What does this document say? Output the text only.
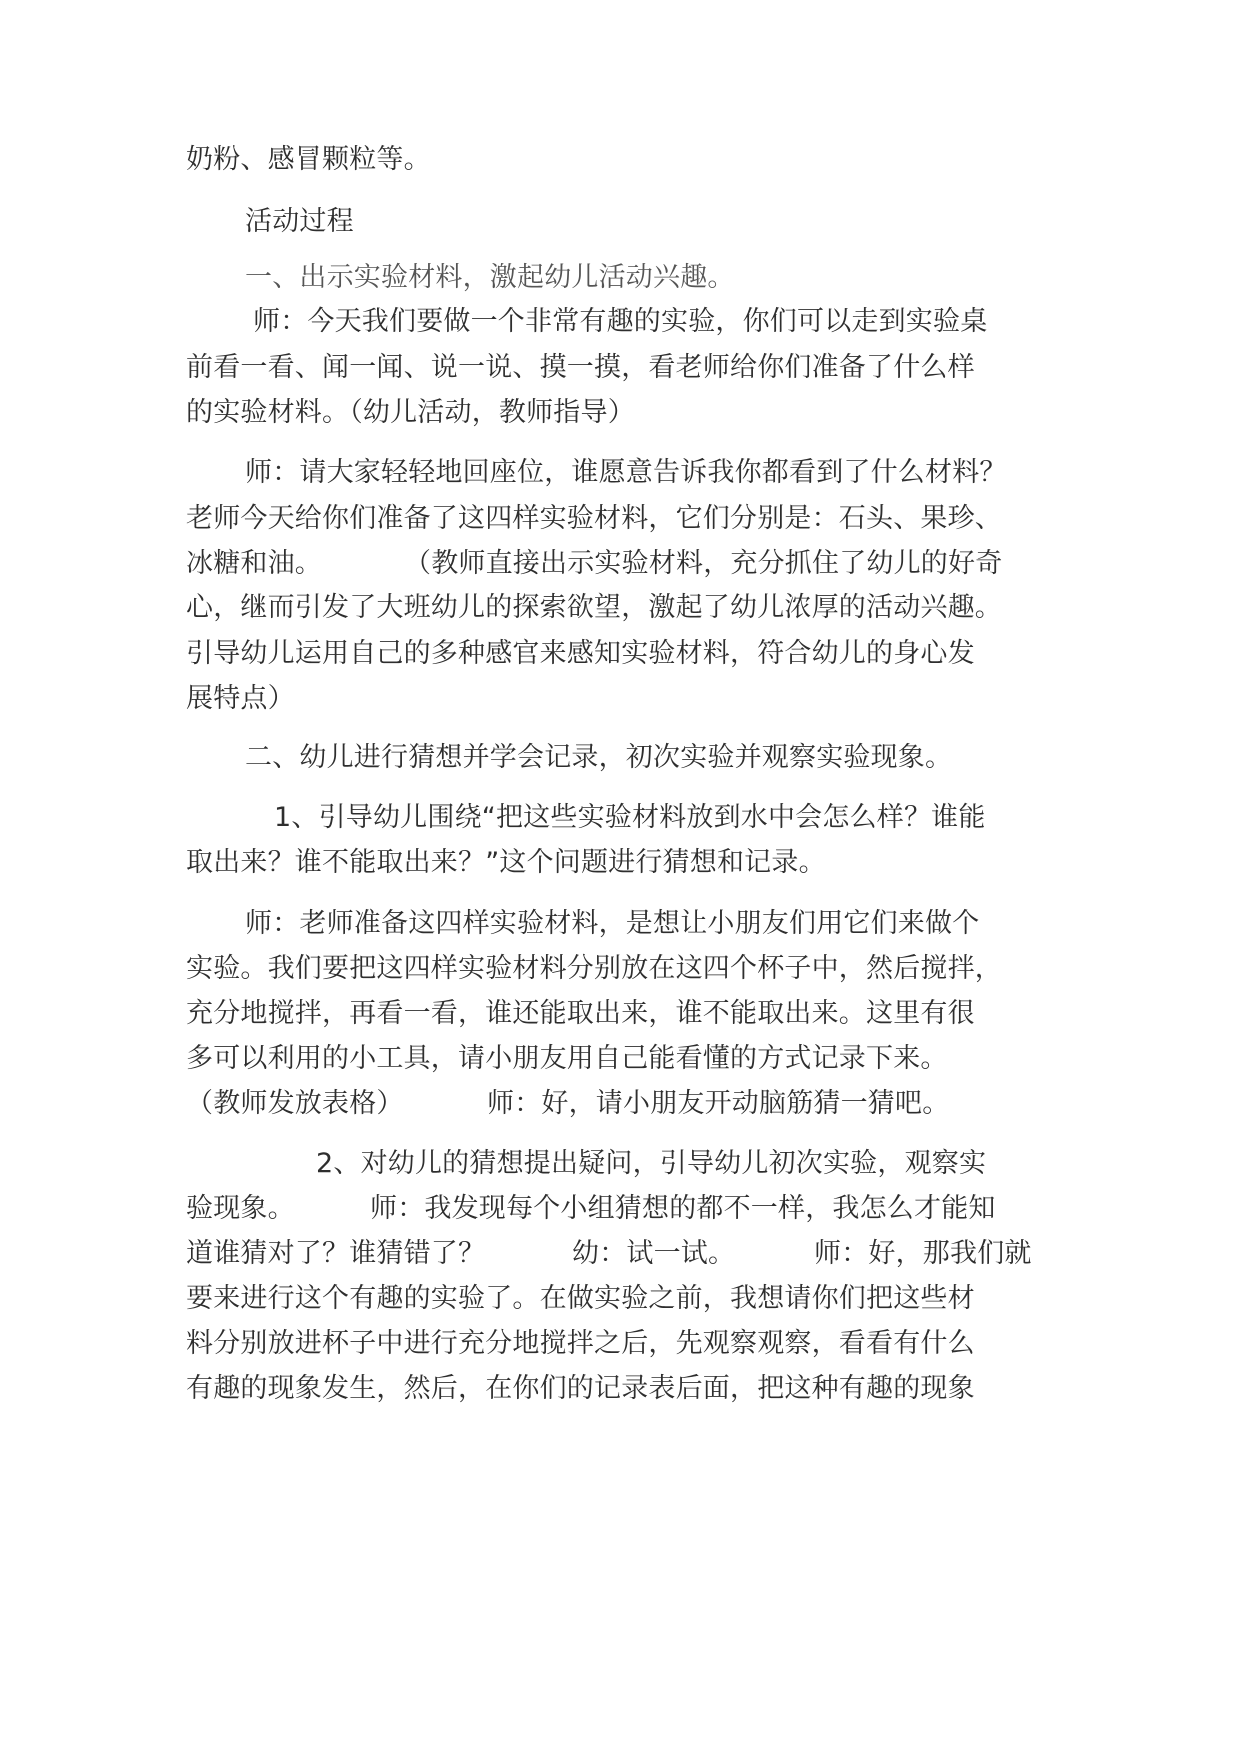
奶粉、感冒颗粒等。
活动过程
一、出示实验材料，激起幼儿活动兴趣。
师：今天我们要做一个非常有趣的实验，你们可以走到实验桌
前看一看、闻一闻、说一说、摸一摸，看老师给你们准备了什么样
的实验材料。（幼儿活动，教师指导）
师：请大家轻轻地回座位，谁愿意告诉我你都看到了什么材料？
老师今天给你们准备了这四样实验材料，它们分别是：石头、果珍、
冰糖和油。	（教师直接出示实验材料，充分抓住了幼儿的好奇
心，继而引发了大班幼儿的探索欲望，激起了幼儿浓厚的活动兴趣。
引导幼儿运用自己的多种感官来感知实验材料，符合幼儿的身心发
展特点）
二、幼儿进行猜想并学会记录，初次实验并观察实验现象。
1、引导幼儿围绕“把这些实验材料放到水中会怎么样？谁能
取出来？谁不能取出来？”这个问题进行猜想和记录。
师：老师准备这四样实验材料，是想让小朋友们用它们来做个
实验。我们要把这四样实验材料分别放在这四个杯子中，然后搅拌，
充分地搅拌，再看一看，谁还能取出来，谁不能取出来。这里有很
多可以利用的小工具，请小朋友用自己能看懂的方式记录下来。
（教师发放表格）	师：好，请小朋友开动脑筋猜一猜吧。
2、对幼儿的猜想提出疑问，引导幼儿初次实验，观察实
验现象。	师：我发现每个小组猜想的都不一样，我怎么才能知
道谁猜对了？谁猜错了？	幼：试一试。	师：好，那我们就
要来进行这个有趣的实验了。在做实验之前，我想请你们把这些材
料分别放进杯子中进行充分地搅拌之后，先观察观察，看看有什么
有趣的现象发生，然后，在你们的记录表后面，把这种有趣的现象
